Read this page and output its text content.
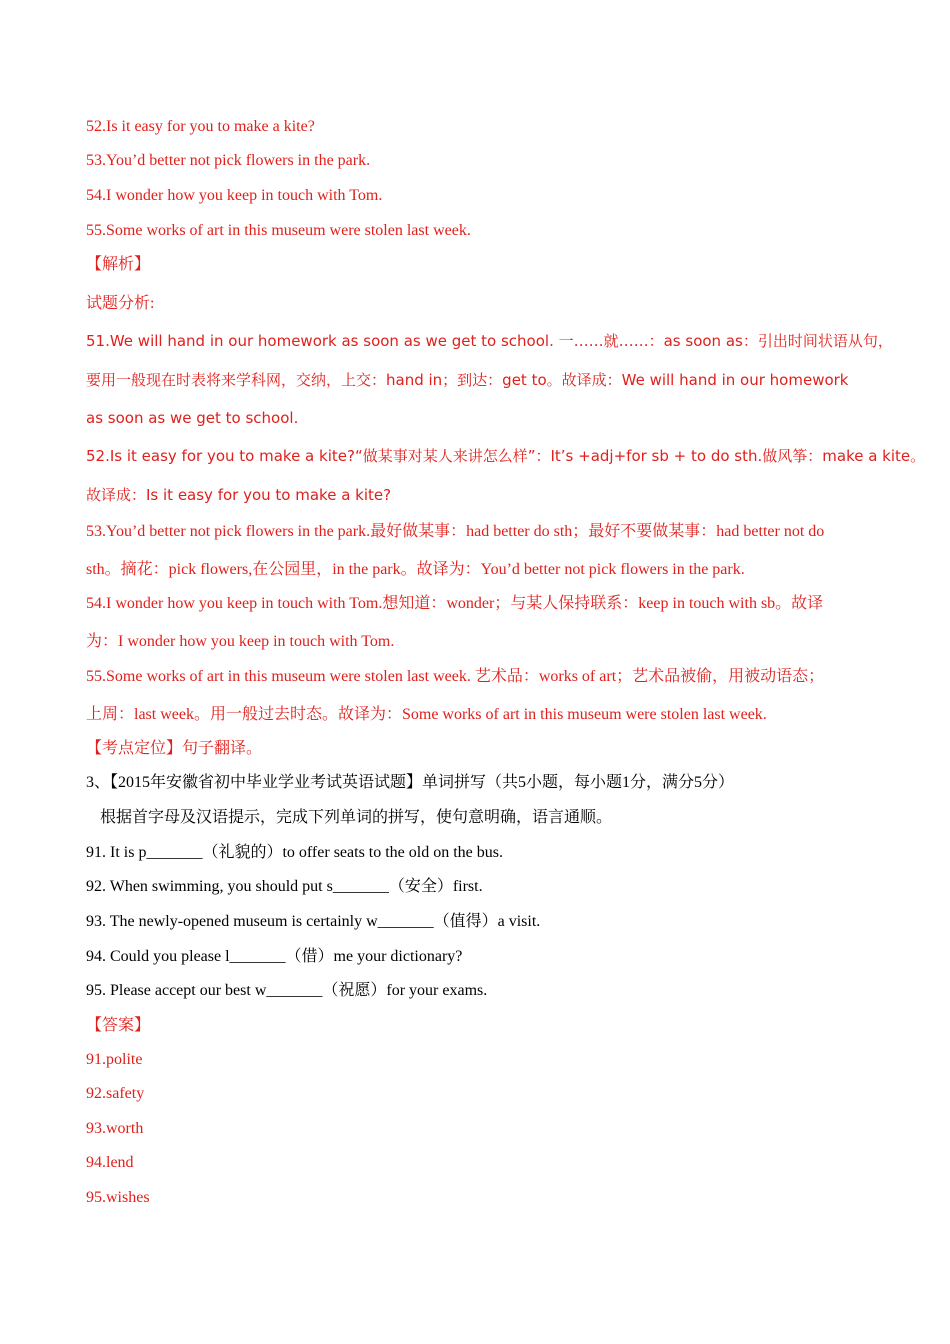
52.Is it easy for you to make a kite?
53.You’d better not pick flowers in the park.
54.I wonder how you keep in touch with Tom.
55.Some works of art in this museum were stolen last week.
【解析】
试题分析:
51.We will hand in our homework as soon as we get to school. 一……就……：as soon as：引出时间状语从句，
要用一般现在时表将来学科网，交纳，上交：hand in；到达：get to。故译成：We will hand in our homework
as soon as we get to school.
52.Is it easy for you to make a kite?“做某事对某人来讲怎么样”：It’s +adj+for sb + to do sth.做风筝：make a kite。
故译成：Is it easy for you to make a kite?
53.You’d better not pick flowers in the park.最好做某事：had better do sth；最好不要做某事：had better not do
sth。摘花：pick flowers,在公园里，in the park。故译为：You’d better not pick flowers in the park.
54.I wonder how you keep in touch with Tom.想知道：wonder；与某人保持联系：keep in touch with sb。故译
为：I wonder how you keep in touch with Tom.
55.Some works of art in this museum were stolen last week. 艺术品：works of art；艺术品被偷，用被动语态；
上周：last week。用一般过去时态。故译为：Some works of art in this museum were stolen last week.
【考点定位】句子翻译。
3、【2015年安徽省初中毕业学业考试英语试题】单词拼写（共5小题，每小题1分，满分5分）
根据首字母及汉语提示，完成下列单词的拼写，使句意明确，语言通顺。
91. It is p_______（礼貌的）to offer seats to the old on the bus.
92. When swimming, you should put s_______（安全）first.
93. The newly-opened museum is certainly w_______（值得）a visit.
94. Could you please l_______（借）me your dictionary?
95. Please accept our best w_______（祝愿）for your exams.
【答案】
91.polite
92.safety
93.worth
94.lend
95.wishes
